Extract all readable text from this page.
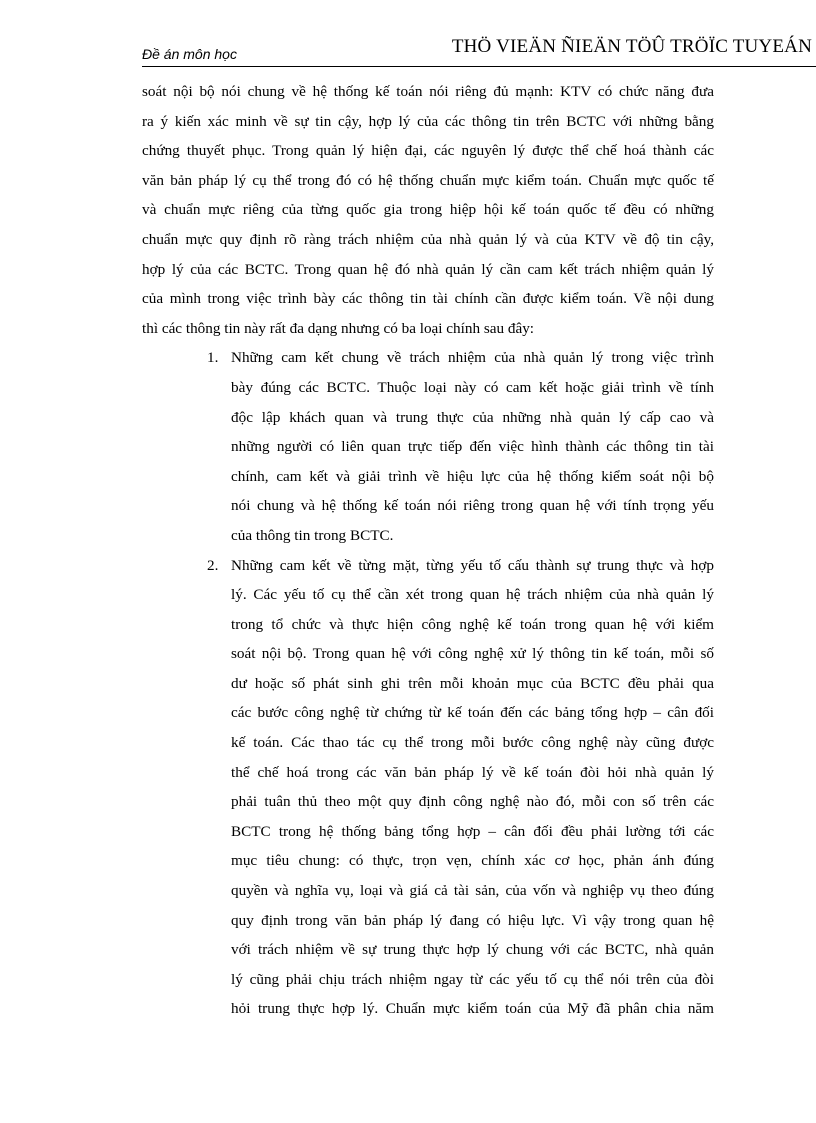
Đề án môn học	THÖ VIEÄN ÑIEÄN TÖÛ TRÖÏC TUYEÁN

soát nội bộ nói chung về hệ thống kế toán nói riêng đủ mạnh: KTV có chức năng đưa
ra ý kiến xác minh về sự tin cậy, hợp lý của các thông tin trên BCTC với những bằng
chứng thuyết phục. Trong quản lý hiện đại, các nguyên lý được thể chế hoá thành các
văn bản pháp lý cụ thể trong đó có hệ thống chuẩn mực kiểm toán. Chuẩn mực quốc tế
và chuẩn mực riêng của từng quốc gia trong hiệp hội kế toán quốc tế đều có những
chuẩn mực quy định rõ ràng trách nhiệm của nhà quản lý và của KTV về độ tin cậy,
hợp lý của các BCTC. Trong quan hệ đó nhà quản lý cần cam kết trách nhiệm quản lý
của mình trong việc trình bày các thông tin tài chính cần được kiểm toán. Về nội dung
thì các thông tin này rất đa dạng nhưng có ba loại chính sau đây:

1. Những cam kết chung về trách nhiệm của nhà quản lý trong việc trình
bày đúng các BCTC. Thuộc loại này có cam kết hoặc giải trình về tính
độc lập khách quan và trung thực của những nhà quản lý cấp cao và
những người có liên quan trực tiếp đến việc hình thành các thông tin tài
chính, cam kết và giải trình về hiệu lực của hệ thống kiểm soát nội bộ
nói chung và hệ thống kế toán nói riêng trong quan hệ với tính trọng yếu
của thông tin trong BCTC.
2. Những cam kết về từng mặt, từng yếu tố cấu thành sự trung thực và hợp
lý. Các yếu tố cụ thể cần xét trong quan hệ trách nhiệm của nhà quản lý
trong tổ chức và thực hiện công nghệ kế toán trong quan hệ với kiểm
soát nội bộ. Trong quan hệ với công nghệ xử lý thông tin kế toán, mỗi số
dư hoặc số phát sinh ghi trên mỗi khoản mục của BCTC đều phải qua
các bước công nghệ từ chứng từ kế toán đến các bảng tổng hợp – cân đối
kế toán. Các thao tác cụ thể trong mỗi bước công nghệ này cũng được
thể chế hoá trong các văn bản pháp lý về kế toán đòi hỏi nhà quản lý
phải tuân thủ theo một quy định công nghệ nào đó, mỗi con số trên các
BCTC trong hệ thống bảng tổng hợp – cân đối đều phải lường tới các
mục tiêu chung: có thực, trọn vẹn, chính xác cơ học, phản ánh đúng
quyền và nghĩa vụ, loại và giá cả tài sản, của vốn và nghiệp vụ theo đúng
quy định trong văn bản pháp lý đang có hiệu lực. Vì vậy trong quan hệ
với trách nhiệm về sự trung thực hợp lý chung với các BCTC, nhà quản
lý cũng phải chịu trách nhiệm ngay từ các yếu tố cụ thể nói trên của đòi
hỏi trung thực hợp lý. Chuẩn mực kiểm toán của Mỹ đã phân chia năm
